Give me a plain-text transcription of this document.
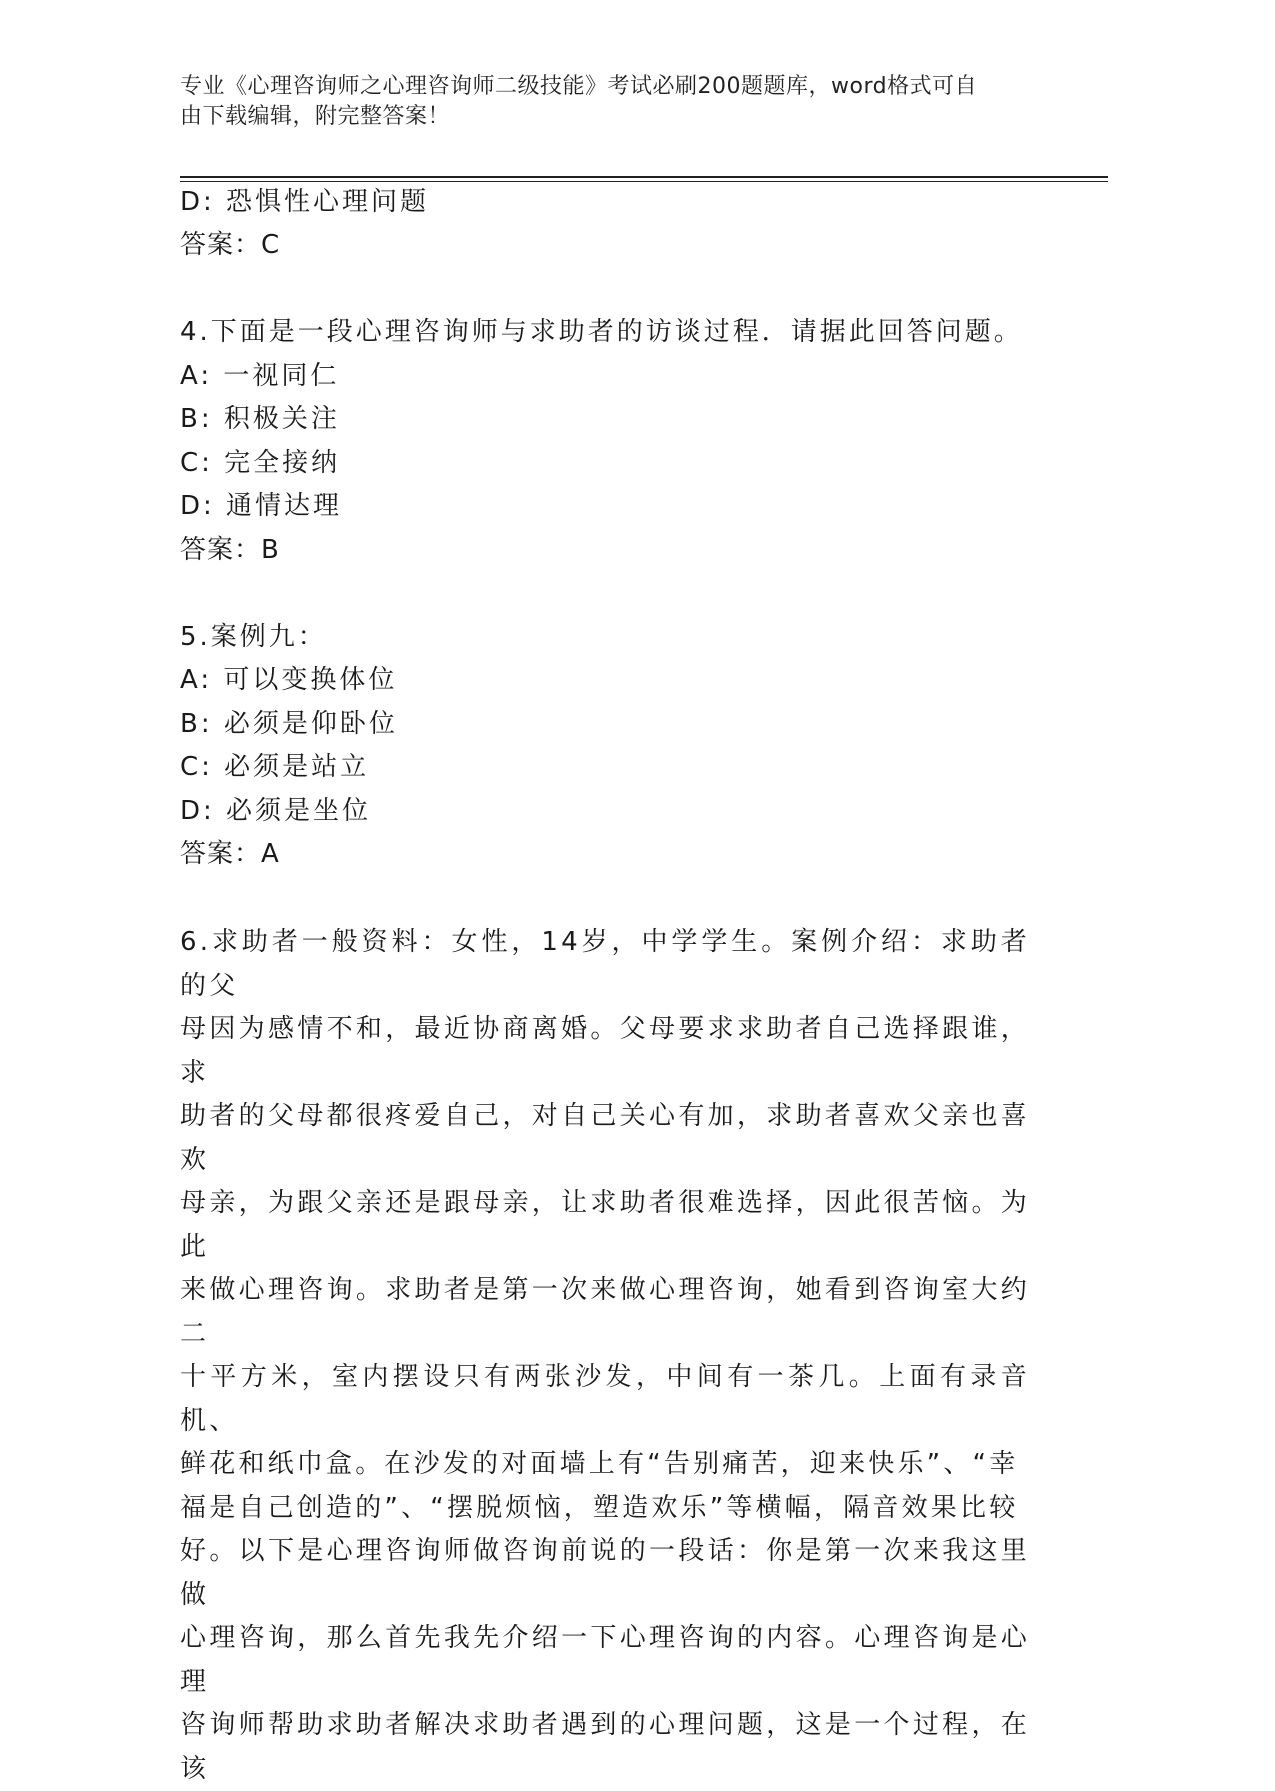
专业《心理咨询师之心理咨询师二级技能》考试必刷200题题库，word格式可自
由下载编辑，附完整答案！
D: 恐惧性心理问题
答案：C
4.下面是一段心理咨询师与求助者的访谈过程．请据此回答问题。
A: 一视同仁
B: 积极关注
C: 完全接纳
D: 通情达理
答案：B
5.案例九：
A: 可以变换体位
B: 必须是仰卧位
C: 必须是站立
D: 必须是坐位
答案：A
6.求助者一般资料：女性，14岁，中学学生。案例介绍：求助者的父
母因为感情不和，最近协商离婚。父母要求求助者自己选择跟谁，求
助者的父母都很疼爱自己，对自己关心有加，求助者喜欢父亲也喜欢
母亲，为跟父亲还是跟母亲，让求助者很难选择，因此很苦恼。为此
来做心理咨询。求助者是第一次来做心理咨询，她看到咨询室大约二
十平方米，室内摆设只有两张沙发，中间有一茶几。上面有录音机、
鲜花和纸巾盒。在沙发的对面墙上有“告别痛苦，迎来快乐”、“幸
福是自己创造的”、“摆脱烦恼，塑造欢乐”等横幅，隔音效果比较
好。以下是心理咨询师做咨询前说的一段话：你是第一次来我这里做
心理咨询，那么首先我先介绍一下心理咨询的内容。心理咨询是心理
咨询师帮助求助者解决求助者遇到的心理问题，这是一个过程，在该
